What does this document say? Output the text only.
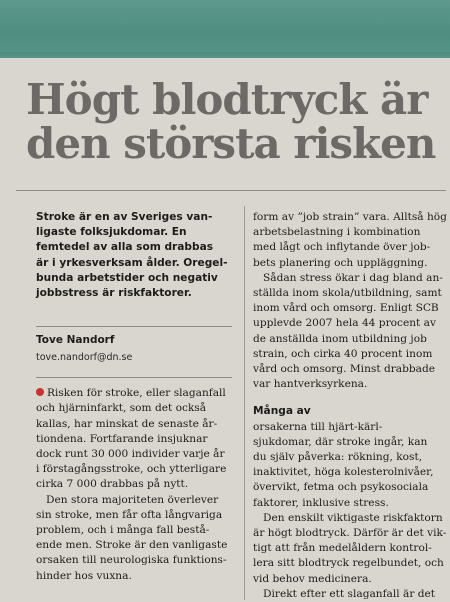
Högt blodtryck är
den största risken

Stroke är en av Sveriges van-
ligaste folksjukdomar. En
femtedel av alla som drabbas
är i yrkesverksam ålder. Oregel-
bunda arbetstider och negativ
jobbstress är riskfaktorer.

Tove Nandorf

tove.nandorf@dn.se

Risken för stroke, eller slaganfall
och hjärninfarkt, som det också
kallas, har minskat de senaste år-
tiondena. Fortfarande insjuknar
dock runt 30 000 individer varje år
i förstagångsstroke, och ytterligare
cirka 7 000 drabbas på nytt.
Den stora majoriteten överlever
sin stroke, men får ofta långvariga
problem, och i många fall bestå-
ende men. Stroke är den vanligaste
orsaken till neurologiska funktions-
hinder hos vuxna.

form av ”job strain” vara. Alltså hög
arbetsbelastning i kombination
med lågt och inflytande över job-
bets planering och uppläggning.

Sådan stress ökar i dag bland an-
ställda inom skola/utbildning, samt
inom vård och omsorg. Enligt SCB
upplevde 2007 hela 44 procent av
de anställda inom utbildning job
strain, och cirka 40 procent inom
vård och omsorg. Minst drabbade
var hantverksyrkena.

Många av
orsakerna till hjärt-kärl-
sjukdomar, där stroke ingår, kan
du själv påverka: rökning, kost,
inaktivitet, höga kolesterolnivåer,
övervikt, fetma och psykosociala
faktorer, inklusive stress.

Den enskilt viktigaste riskfaktorn
är högt blodtryck. Därför är det vik-
tigt att från medelåldern kontrol-
lera sitt blodtryck regelbundet, och
vid behov medicinera.

Direkt efter ett slaganfall är det
